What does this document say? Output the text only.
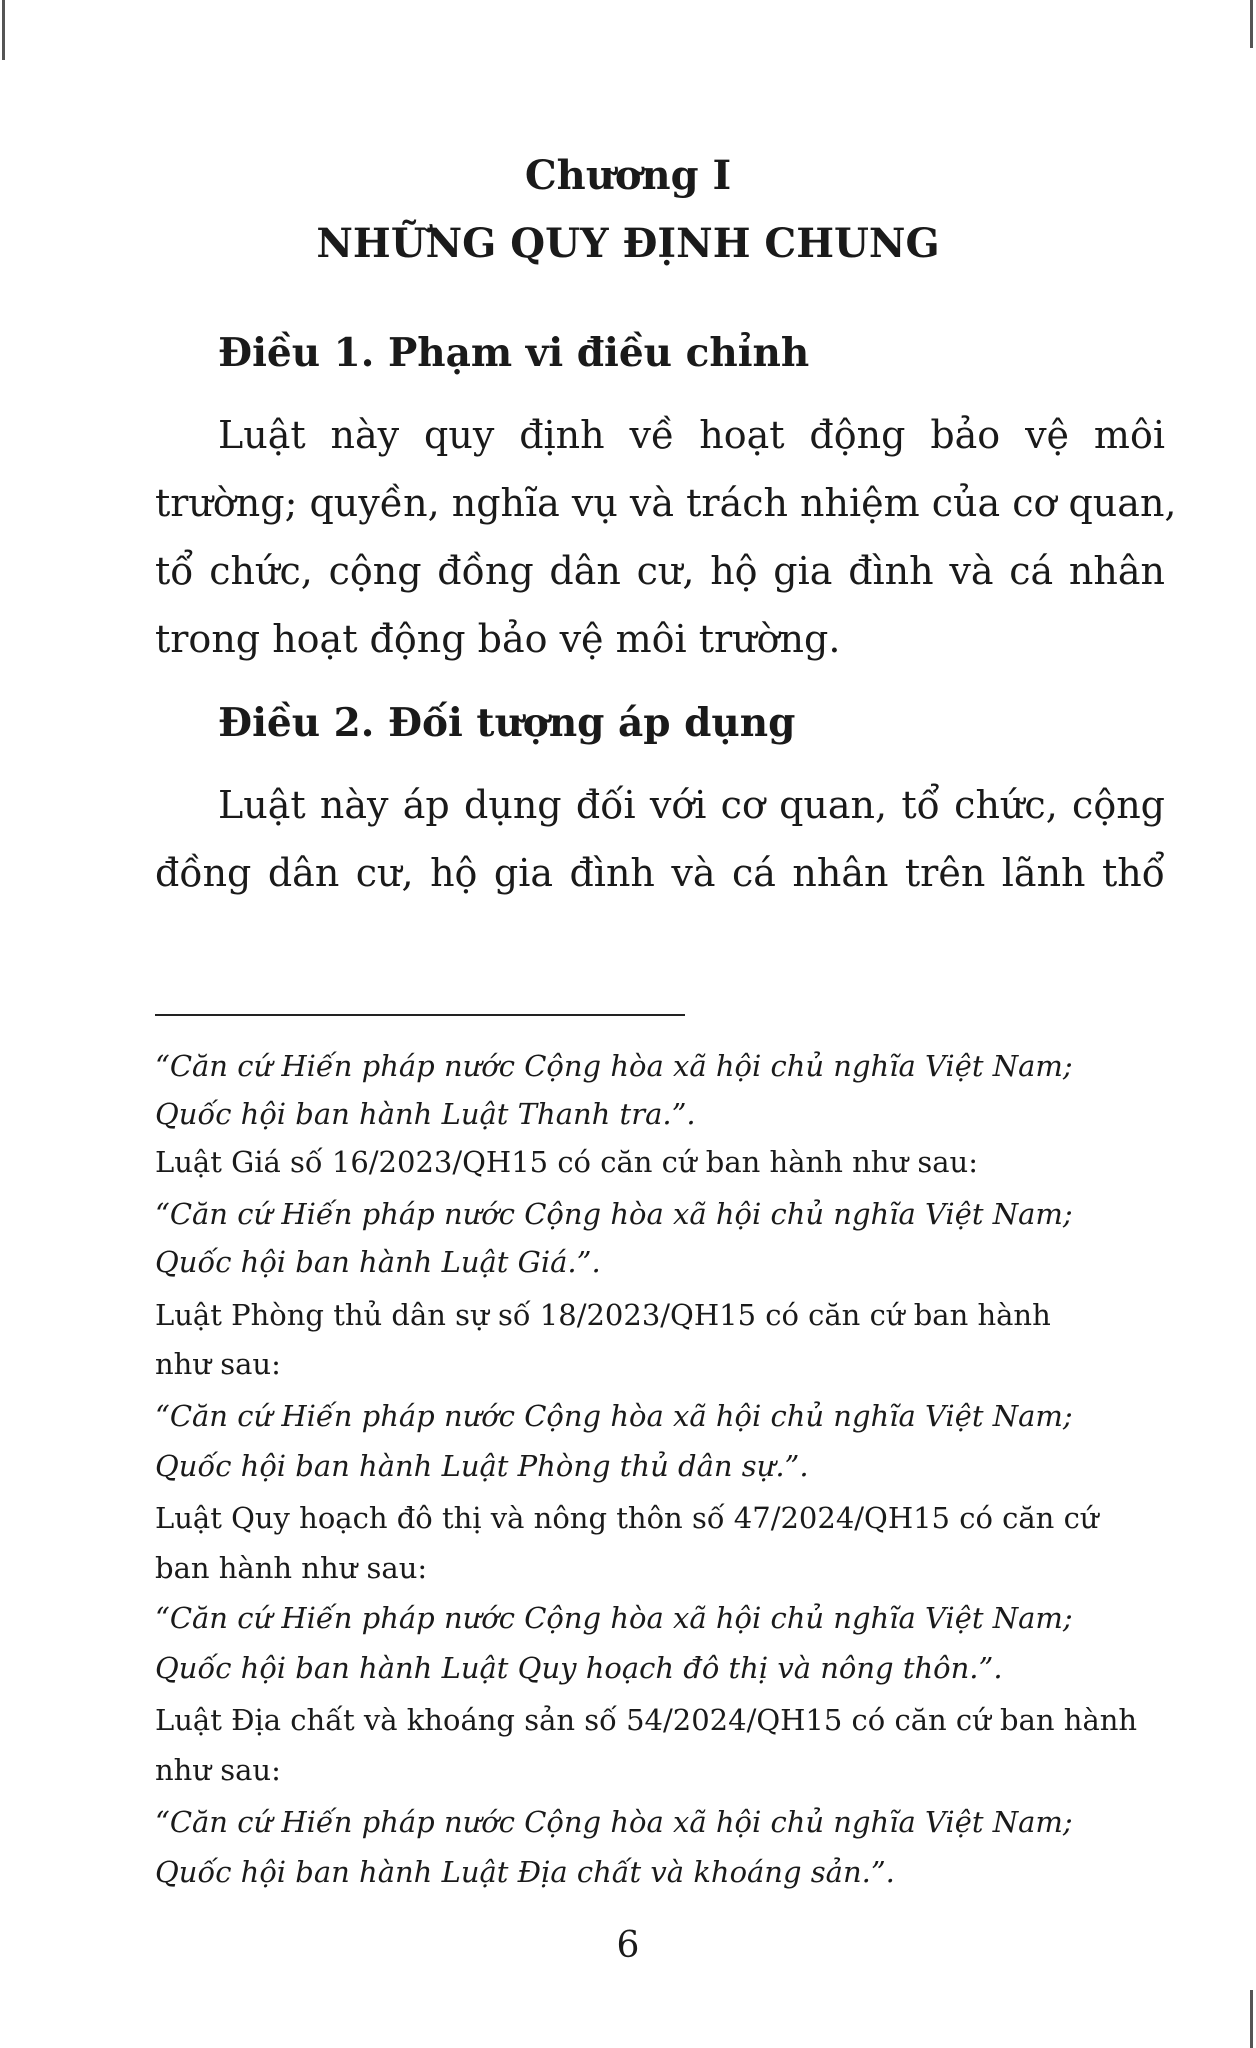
Chương I
NHỮNG QUY ĐỊNH CHUNG
Điều 1. Phạm vi điều chỉnh

Luật này quy định về hoạt động bảo vệ môi

trường; quyền, nghĩa vụ và trách nhiệm của cơ quan,

tổ chức, cộng đồng dân cư, hộ gia đình và cá nhân

trong hoạt động bảo vệ môi trường.

Điều 2. Đối tượng áp dụng

Luật này áp dụng đối với cơ quan, tổ chức, cộng

đồng dân cư, hộ gia đình và cá nhân trên lãnh thổ

“Căn cứ Hiến pháp nước Cộng hòa xã hội chủ nghĩa Việt Nam;

Quốc hội ban hành Luật Thanh tra.”.

Luật Giá số 16/2023/QH15 có căn cứ ban hành như sau:

“Căn cứ Hiến pháp nước Cộng hòa xã hội chủ nghĩa Việt Nam;

Quốc hội ban hành Luật Giá.”.

Luật Phòng thủ dân sự số 18/2023/QH15 có căn cứ ban hành

như sau:

“Căn cứ Hiến pháp nước Cộng hòa xã hội chủ nghĩa Việt Nam;

Quốc hội ban hành Luật Phòng thủ dân sự.”.

Luật Quy hoạch đô thị và nông thôn số 47/2024/QH15 có căn cứ

ban hành như sau:

“Căn cứ Hiến pháp nước Cộng hòa xã hội chủ nghĩa Việt Nam;

Quốc hội ban hành Luật Quy hoạch đô thị và nông thôn.”.

Luật Địa chất và khoáng sản số 54/2024/QH15 có căn cứ ban hành

như sau:

“Căn cứ Hiến pháp nước Cộng hòa xã hội chủ nghĩa Việt Nam;

Quốc hội ban hành Luật Địa chất và khoáng sản.”.

6
